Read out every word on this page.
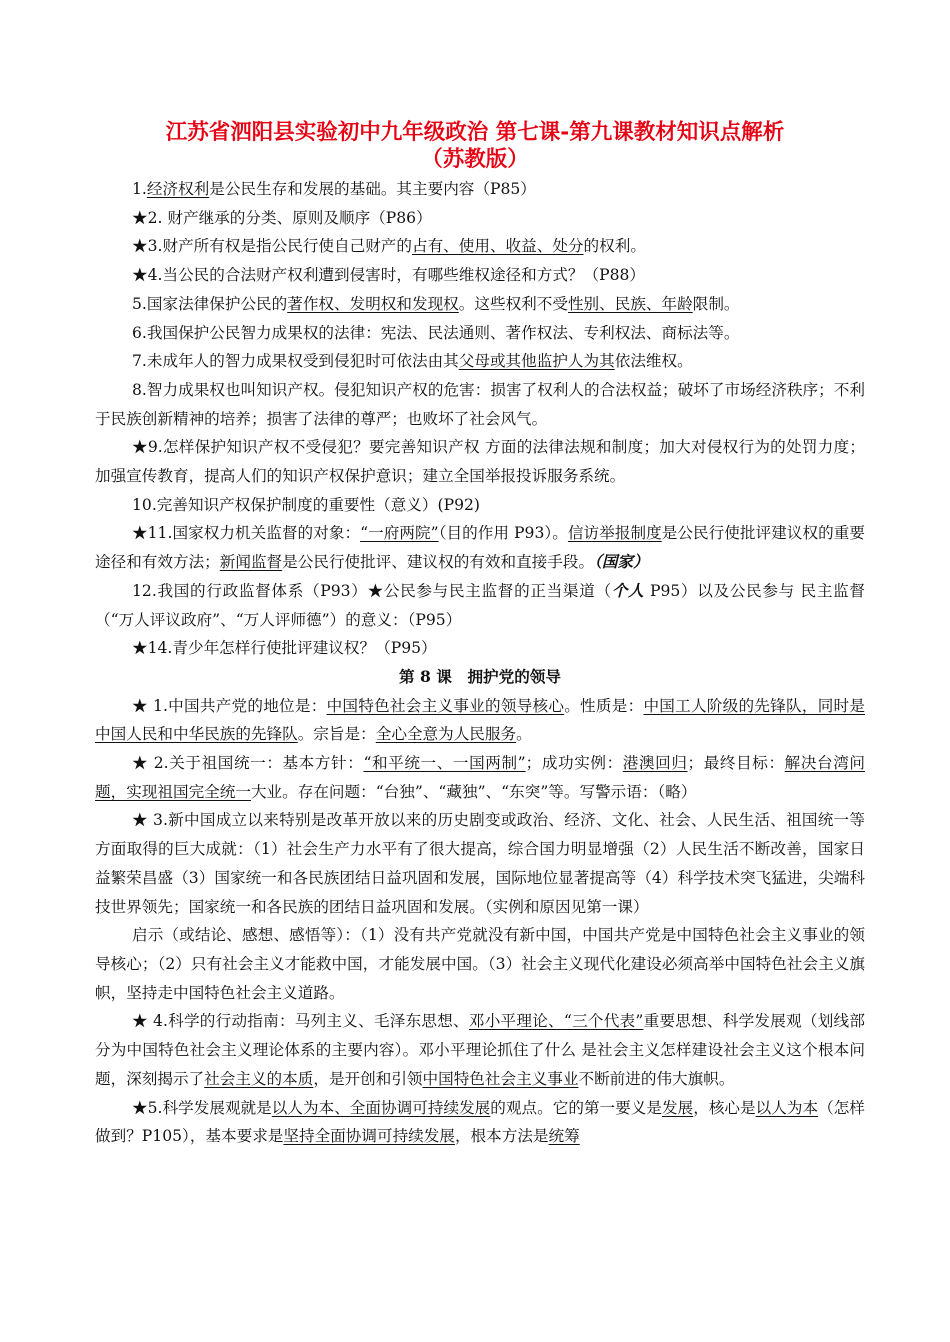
江苏省泗阳县实验初中九年级政治 第七课-第九课教材知识点解析
（苏教版）

1.经济权利是公民生存和发展的基础。其主要内容（P85）

★2. 财产继承的分类、原则及顺序（P86）

★3.财产所有权是指公民行使自己财产的占有、使用、收益、处分的权利。

★4.当公民的合法财产权利遭到侵害时，有哪些维权途径和方式？（P88）

5.国家法律保护公民的著作权、发明权和发现权。这些权利不受性别、民族、年龄限制。

6.我国保护公民智力成果权的法律：宪法、民法通则、著作权法、专利权法、商标法等。

7.未成年人的智力成果权受到侵犯时可依法由其父母或其他监护人为其依法维权。

8.智力成果权也叫知识产权。侵犯知识产权的危害：损害了权利人的合法权益；破坏了市场经济秩序；不利于民族创新精神的培养；损害了法律的尊严；也败坏了社会风气。

★9.怎样保护知识产权不受侵犯？要完善知识产权 方面的法律法规和制度；加大对侵权行为的处罚力度；加强宣传教育，提高人们的知识产权保护意识；建立全国举报投诉服务系统。

10.完善知识产权保护制度的重要性（意义）(P92)

★11.国家权力机关监督的对象：“一府两院”（目的作用 P93）。信访举报制度是公民行使批评建议权的重要途径和有效方法；新闻监督是公民行使批评、建议权的有效和直接手段。（国家）

12.我国的行政监督体系（P93）★公民参与民主监督的正当渠道（个人 P95）以及公民参与 民主监督（“万人评议政府”、“万人评师德”）的意义：（P95）

★14.青少年怎样行使批评建议权？（P95）

第 8 课　拥护党的领导

★ 1.中国共产党的地位是：中国特色社会主义事业的领导核心。性质是：中国工人阶级的先锋队，同时是中国人民和中华民族的先锋队。宗旨是：全心全意为人民服务。

★ 2.关于祖国统一：基本方针：“和平统一、一国两制”；成功实例：港澳回归；最终目标：解决台湾问题，实现祖国完全统一大业。存在问题：“台独”、“藏独”、“东突”等。写警示语：（略）

★ 3.新中国成立以来特别是改革开放以来的历史剧变或政治、经济、文化、社会、人民生活、祖国统一等方面取得的巨大成就：（1）社会生产力水平有了很大提高，综合国力明显增强（2）人民生活不断改善，国家日益繁荣昌盛（3）国家统一和各民族团结日益巩固和发展，国际地位显著提高等（4）科学技术突飞猛进，尖端科技世界领先；国家统一和各民族的团结日益巩固和发展。（实例和原因见第一课）

启示（或结论、感想、感悟等）：（1）没有共产党就没有新中国，中国共产党是中国特色社会主义事业的领导核心；（2）只有社会主义才能救中国，才能发展中国。（3）社会主义现代化建设必须高举中国特色社会主义旗帜，坚持走中国特色社会主义道路。

★ 4.科学的行动指南：马列主义、毛泽东思想、邓小平理论、“三个代表”重要思想、科学发展观（划线部分为中国特色社会主义理论体系的主要内容）。邓小平理论抓住了什么 是社会主义怎样建设社会主义这个根本问题，深刻揭示了社会主义的本质，是开创和引领中国特色社会主义事业不断前进的伟大旗帜。

★5.科学发展观就是以人为本、全面协调可持续发展的观点。它的第一要义是发展，核心是以人为本（怎样做到？P105），基本要求是坚持全面协调可持续发展，根本方法是统筹
